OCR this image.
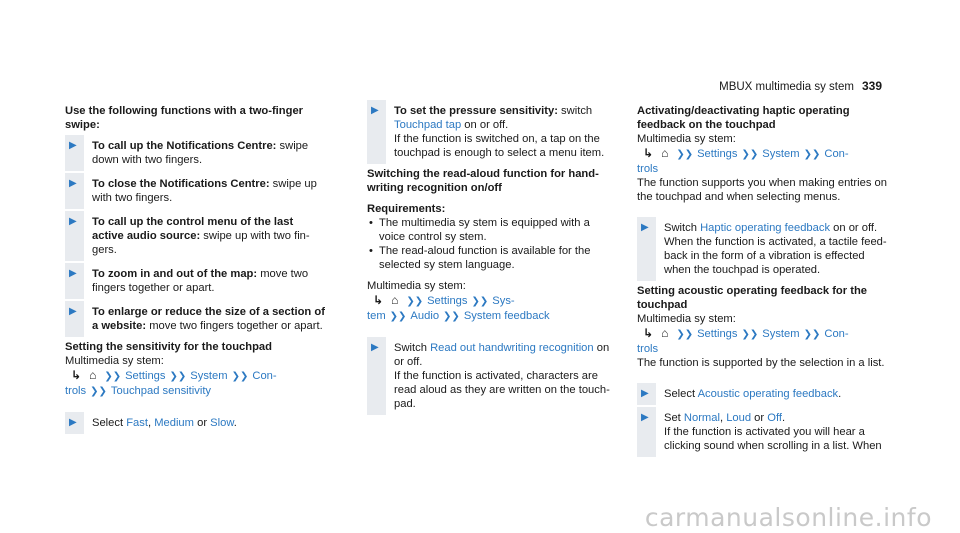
MBUX multimedia sy stem 339
Use the following functions with a two-finger swipe:
▶ To call up the Notifications Centre: swipe down with two fingers.
▶ To close the Notifications Centre: swipe up with two fingers.
▶ To call up the control menu of the last active audio source: swipe up with two fin-gers.
▶ To zoom in and out of the map: move two fingers together or apart.
▶ To enlarge or reduce the size of a section of a website: move two fingers together or apart.
Setting the sensitivity for the touchpad
Multimedia sy stem:
↳ ⌂ ❯❯ Settings ❯❯ System ❯❯ Con-
trols ❯❯ Touchpad sensitivity
▶ Select Fast, Medium or Slow.
▶ To set the pressure sensitivity: switch
Touchpad tap on or off.
If the function is switched on, a tap on the touchpad is enough to select a menu item.
Switching the read-aloud function for hand-writing recognition on/off
Requirements:
• The multimedia sy stem is equipped with a voice control sy stem.
• The read-aloud function is available for the selected sy stem language.
Multimedia sy stem:
↳ ⌂ ❯❯ Settings ❯❯ Sys-
tem ❯❯ Audio ❯❯ System feedback
▶ Switch Read out handwriting recognition on or off.
If the function is activated, characters are read aloud as they are written on the touch-pad.
Activating/deactivating haptic operating feedback on the touchpad
Multimedia sy stem:
↳ ⌂ ❯❯ Settings ❯❯ System ❯❯ Con-
trols
The function supports you when making entries on the touchpad and when selecting menus.
▶ Switch Haptic operating feedback on or off.
When the function is activated, a tactile feed-back in the form of a vibration is effected when the touchpad is operated.
Setting acoustic operating feedback for the touchpad
Multimedia sy stem:
↳ ⌂ ❯❯ Settings ❯❯ System ❯❯ Con-
trols
The function is supported by the selection in a list.
▶ Select Acoustic operating feedback.
▶ Set Normal, Loud or Off.
If the function is activated you will hear a clicking sound when scrolling in a list. When
carmanualsonline.info
